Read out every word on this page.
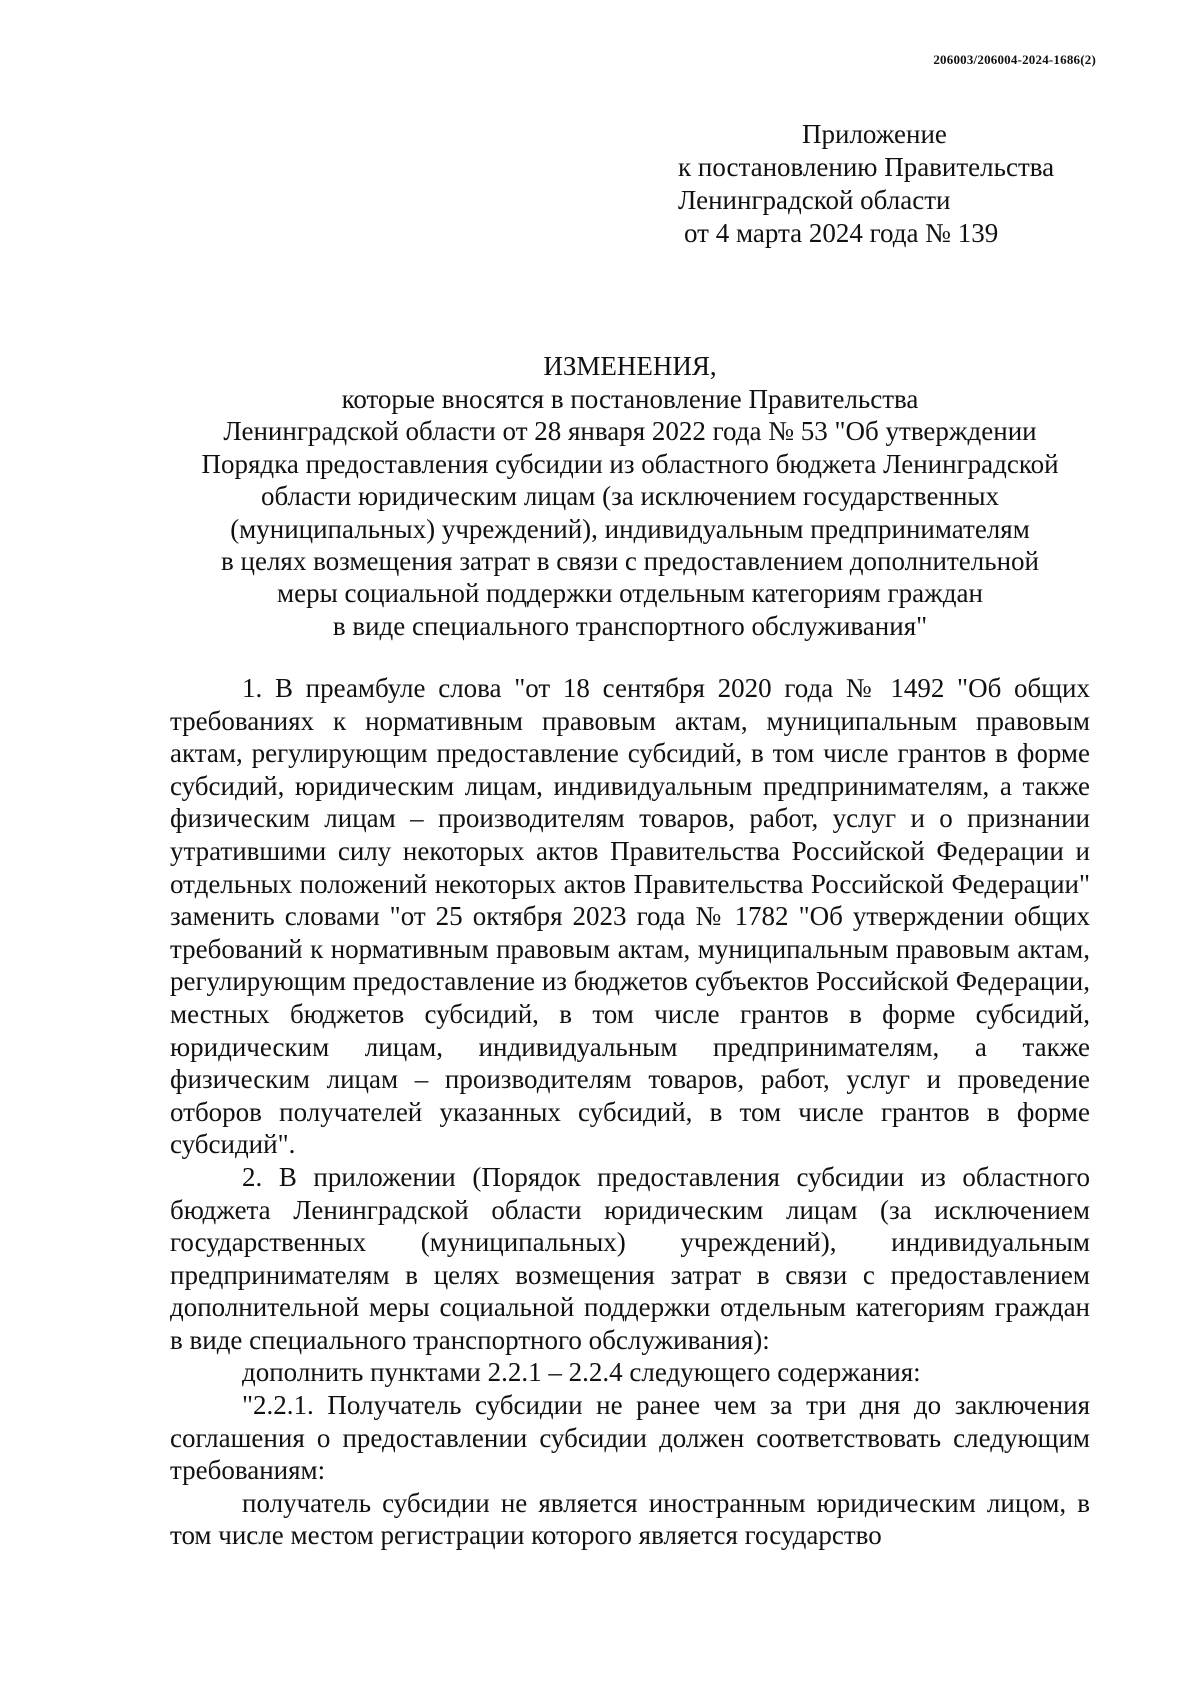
206003/206004-2024-1686(2)
Приложение
к постановлению Правительства
Ленинградской области
от 4 марта 2024 года № 139
ИЗМЕНЕНИЯ,
которые вносятся в постановление Правительства
Ленинградской области от 28 января 2022 года № 53 "Об утверждении
Порядка предоставления субсидии из областного бюджета Ленинградской
области юридическим лицам (за исключением государственных
(муниципальных) учреждений), индивидуальным предпринимателям
в целях возмещения затрат в связи с предоставлением дополнительной
меры социальной поддержки отдельным категориям граждан
в виде специального транспортного обслуживания"

1. В преамбуле слова "от 18 сентября 2020 года № 1492 "Об общих требованиях к нормативным правовым актам, муниципальным правовым актам, регулирующим предоставление субсидий, в том числе грантов в форме субсидий, юридическим лицам, индивидуальным предпринимателям, а также физическим лицам – производителям товаров, работ, услуг и о признании утратившими силу некоторых актов Правительства Российской Федерации и отдельных положений некоторых актов Правительства Российской Федерации" заменить словами "от 25 октября 2023 года № 1782 "Об утверждении общих требований к нормативным правовым актам, муниципальным правовым актам, регулирующим предоставление из бюджетов субъектов Российской Федерации, местных бюджетов субсидий, в том числе грантов в форме субсидий, юридическим лицам, индивидуальным предпринимателям, а также физическим лицам – производителям товаров, работ, услуг и проведение отборов получателей указанных субсидий, в том числе грантов в форме субсидий".

2. В приложении (Порядок предоставления субсидии из областного бюджета Ленинградской области юридическим лицам (за исключением государственных (муниципальных) учреждений), индивидуальным предпринимателям в целях возмещения затрат в связи с предоставлением дополнительной меры социальной поддержки отдельным категориям граждан в виде специального транспортного обслуживания):

дополнить пунктами 2.2.1 – 2.2.4 следующего содержания:

"2.2.1. Получатель субсидии не ранее чем за три дня до заключения соглашения о предоставлении субсидии должен соответствовать следующим требованиям:

получатель субсидии не является иностранным юридическим лицом, в том числе местом регистрации которого является государство
